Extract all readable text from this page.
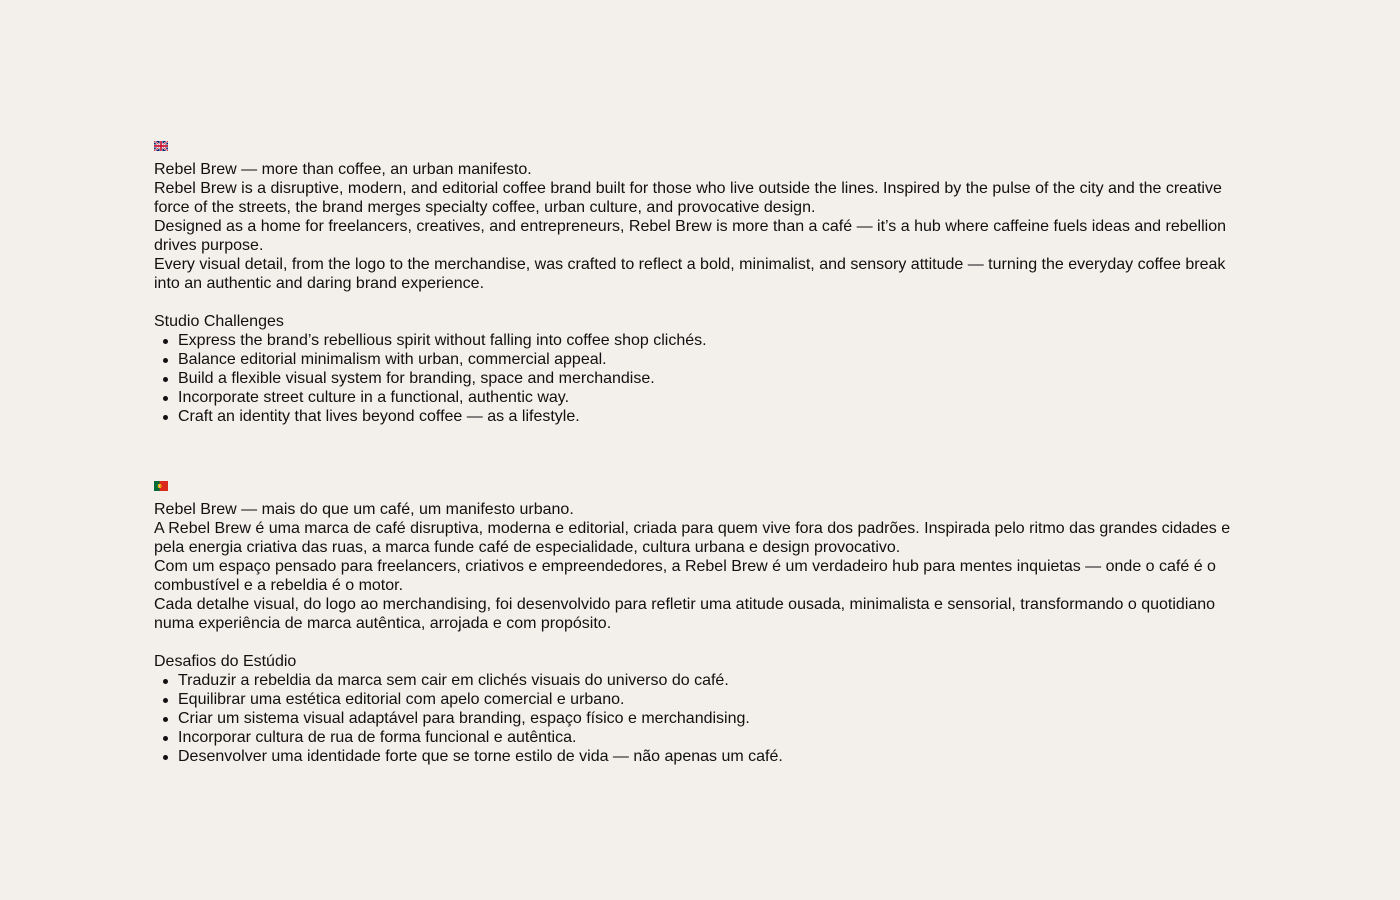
Rebel Brew — more than coffee, an urban manifesto.

Rebel Brew is a disruptive, modern, and editorial coffee brand built for those who live outside the lines. Inspired by the pulse of the city and the creative force of the streets, the brand merges specialty coffee, urban culture, and provocative design.

Designed as a home for freelancers, creatives, and entrepreneurs, Rebel Brew is more than a café — it’s a hub where caffeine fuels ideas and rebellion drives purpose.

Every visual detail, from the logo to the merchandise, was crafted to reflect a bold, minimalist, and sensory attitude — turning the everyday coffee break into an authentic and daring brand experience.

Studio Challenges

Express the brand’s rebellious spirit without falling into coffee shop clichés.
Balance editorial minimalism with urban, commercial appeal.
Build a flexible visual system for branding, space and merchandise.
Incorporate street culture in a functional, authentic way.
Craft an identity that lives beyond coffee — as a lifestyle.

Rebel Brew — mais do que um café, um manifesto urbano.

A Rebel Brew é uma marca de café disruptiva, moderna e editorial, criada para quem vive fora dos padrões. Inspirada pelo ritmo das grandes cidades e pela energia criativa das ruas, a marca funde café de especialidade, cultura urbana e design provocativo.

Com um espaço pensado para freelancers, criativos e empreendedores, a Rebel Brew é um verdadeiro hub para mentes inquietas — onde o café é o combustível e a rebeldia é o motor.

Cada detalhe visual, do logo ao merchandising, foi desenvolvido para refletir uma atitude ousada, minimalista e sensorial, transformando o quotidiano numa experiência de marca autêntica, arrojada e com propósito.

Desafios do Estúdio

Traduzir a rebeldia da marca sem cair em clichés visuais do universo do café.
Equilibrar uma estética editorial com apelo comercial e urbano.
Criar um sistema visual adaptável para branding, espaço físico e merchandising.
Incorporar cultura de rua de forma funcional e autêntica.
Desenvolver uma identidade forte que se torne estilo de vida — não apenas um café.
